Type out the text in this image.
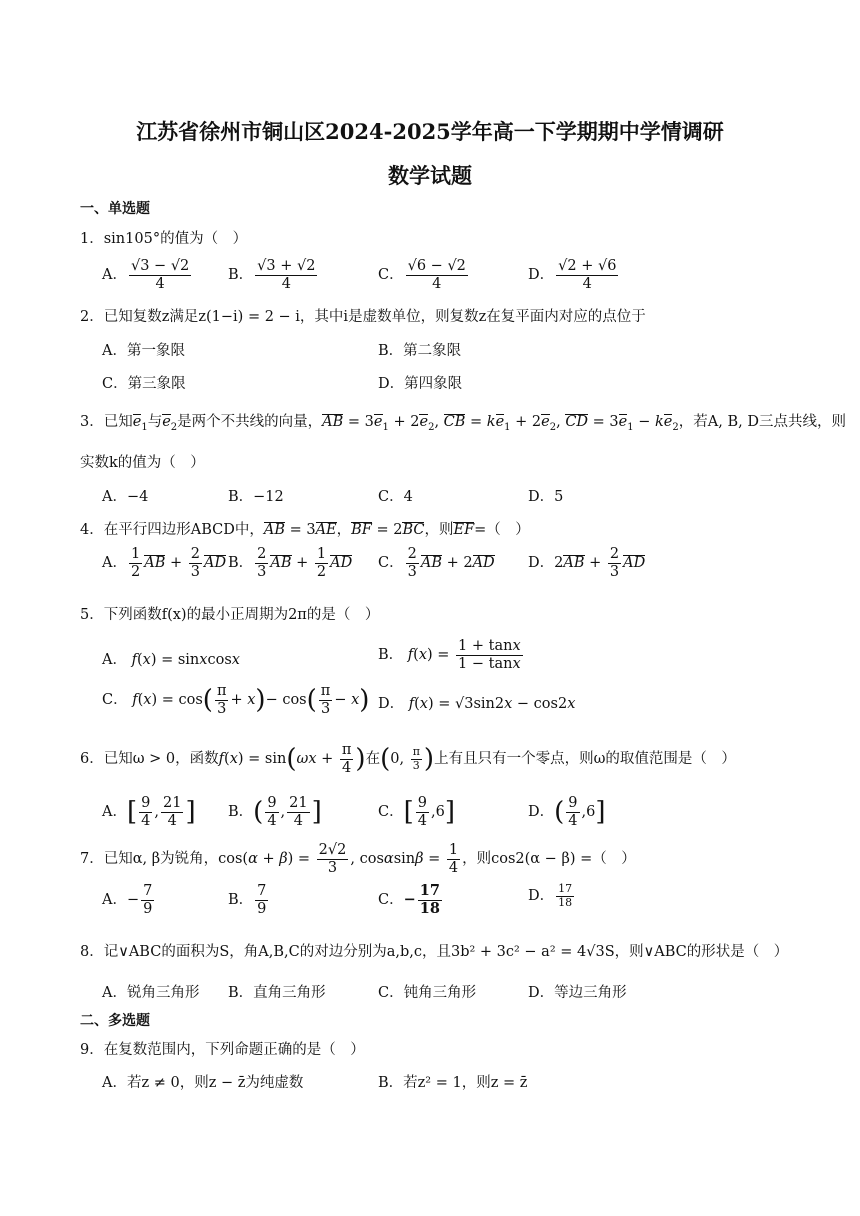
江苏省徐州市铜山区2024-2025学年高一下学期期中学情调研
数学试题
一、单选题
1．sin105°的值为（　）
A． $\frac{√3 - √2}{4}$	B． $\frac{√3 + √2}{4}$	C． $\frac{√6 - √2}{4}$	D． $\frac{√2 + √6}{4}$
2．已知复数z满足z(1−i) = 2 − i，其中i是虚数单位，则复数z在复平面内对应的点位于
A．第一象限	B．第二象限
C．第三象限	D．第四象限
3．已知$e_1$与$e_2$是两个不共线的向量，AB = $3e_1 + 2e_2$, CB = $ke_1 + 2e_2$, CD = $3e_1 - ke_2$，若A, B, D三点共线，则
实数k的值为（　）
A．−4	B．−12	C．4	D．5
4．在平行四边形ABCD中，AB = 3AE，BF = 2BC，则EF=（　）
A． $\frac{1}{2}$ AB + $\frac{2}{3}$ AD B． $\frac{2}{3}$ AB + $\frac{1}{2}$ AD C． $\frac{2}{3}$ AB + 2AD D．$2AB + \frac{2}{3}$ AD
5．下列函数f(x)的最小正周期为2π的是（　）
A． f(x) = sinxcosx	B． $f(x) = \frac{1 + \tan x}{1 - \tan x}$
C． $f(x) = \cos( \frac{\pi}{3} + x)- \cos( \frac{\pi}{3} - x)$ D． f(x) = √3sin2x − cos2x
6．已知ω > 0，函数$f(x) = \sin(\omega x + \frac{\pi}{4}$ )在(0, $\frac{\pi}{3}$ )上有且只有一个零点，则ω的取值范围是（　）
A．[ $\frac{9}{4}$ , $\frac{21}{4}$ ] B．( $\frac{9}{4}$ , $\frac{21}{4}$ ]	C．[ $\frac{9}{4} ,6$]	D．( $\frac{9}{4} ,6$]
7．已知α, β为锐角，$\cos(\alpha + \beta) = \frac{2√2}{3}$ , $\cos\alpha\sin\beta = \frac{1}{4}$ ，则cos2(α − β) =（　）
A．− $\frac{7}{9}$	B． $\frac{7}{9}$	C．− $\frac{17}{18}$	D． $\frac{17}{18}$
8．记∨ABC的面积为S，角A,B,C的对边分别为a,b,c，且3b² + 3c² − a² = 4√3S，则∨ABC的形状是（　）
A．锐角三角形 B．直角三角形	C．钝角三角形	D．等边三角形
二、多选题
9．在复数范围内，下列命题正确的是（　）
A．若z ≠ 0，则z − z̄为纯虚数	B．若z² = 1，则z = z̄
